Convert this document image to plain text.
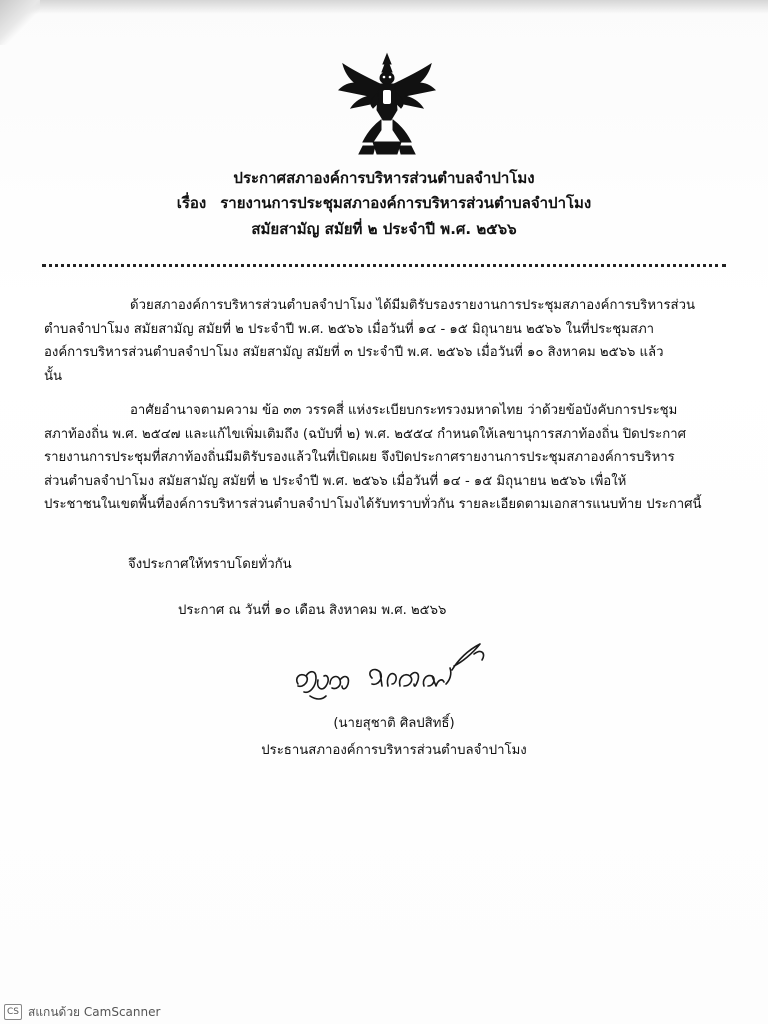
ประกาศสภาองค์การบริหารส่วนตำบลจำปาโมง
เรื่อง รายงานการประชุมสภาองค์การบริหารส่วนตำบลจำปาโมง
สมัยสามัญ สมัยที่ ๒ ประจำปี พ.ศ. ๒๕๖๖
ด้วยสภาองค์การบริหารส่วนตำบลจำปาโมง ได้มีมติรับรองรายงานการประชุมสภาองค์การบริหารส่วน
ตำบลจำปาโมง สมัยสามัญ สมัยที่ ๒ ประจำปี พ.ศ. ๒๕๖๖ เมื่อวันที่ ๑๔ - ๑๕ มิถุนายน ๒๕๖๖ ในที่ประชุมสภา
องค์การบริหารส่วนตำบลจำปาโมง สมัยสามัญ สมัยที่ ๓ ประจำปี พ.ศ. ๒๕๖๖ เมื่อวันที่ ๑๐ สิงหาคม ๒๕๖๖ แล้ว
นั้น
อาศัยอำนาจตามความ ข้อ ๓๓ วรรคสี่ แห่งระเบียบกระทรวงมหาดไทย ว่าด้วยข้อบังคับการประชุม
สภาท้องถิ่น พ.ศ. ๒๕๔๗ และแก้ไขเพิ่มเติมถึง (ฉบับที่ ๒) พ.ศ. ๒๕๕๔ กำหนดให้เลขานุการสภาท้องถิ่น ปิดประกาศ
รายงานการประชุมที่สภาท้องถิ่นมีมติรับรองแล้วในที่เปิดเผย จึงปิดประกาศรายงานการประชุมสภาองค์การบริหาร
ส่วนตำบลจำปาโมง สมัยสามัญ สมัยที่ ๒ ประจำปี พ.ศ. ๒๕๖๖ เมื่อวันที่ ๑๔ - ๑๕ มิถุนายน ๒๕๖๖ เพื่อให้
ประชาชนในเขตพื้นที่องค์การบริหารส่วนตำบลจำปาโมงได้รับทราบทั่วกัน รายละเอียดตามเอกสารแนบท้าย ประกาศนี้
จึงประกาศให้ทราบโดยทั่วกัน
ประกาศ ณ วันที่ ๑๐ เดือน สิงหาคม พ.ศ. ๒๕๖๖
(นายสุชาติ ศิลปสิทธิ์)
ประธานสภาองค์การบริหารส่วนตำบลจำปาโมง
CS สแกนด้วย CamScanner
